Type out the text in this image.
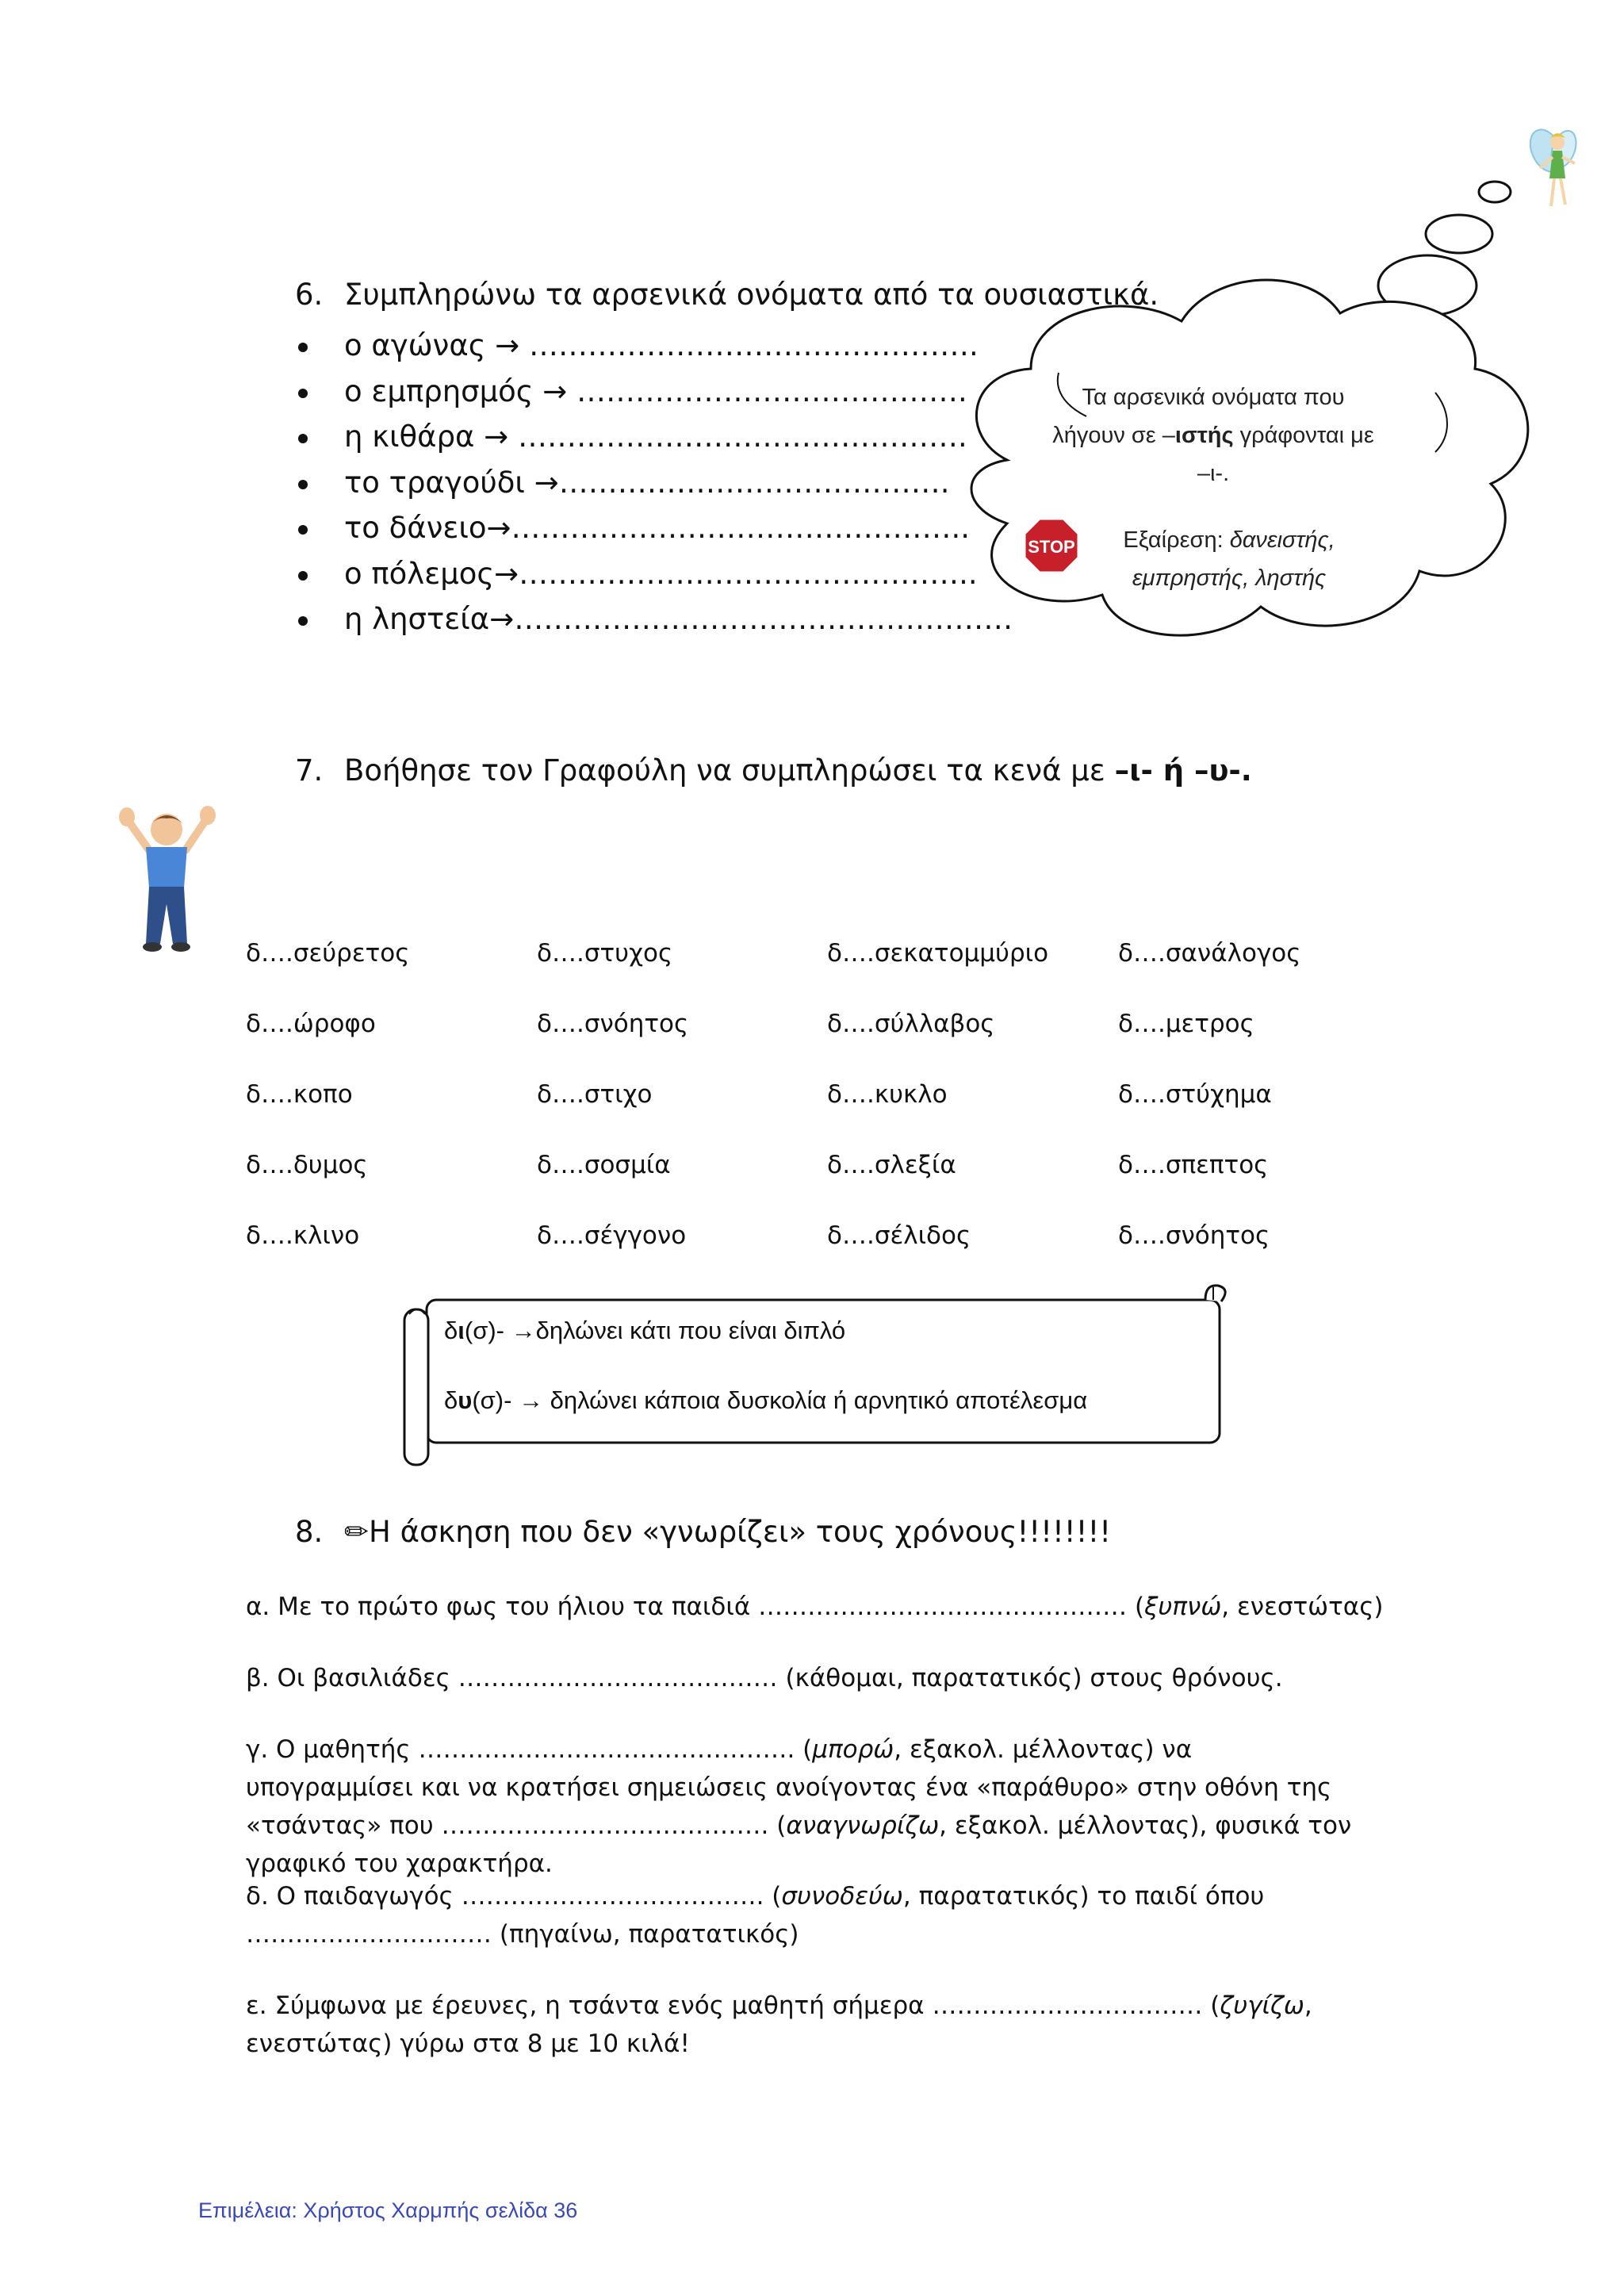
6. Συμπληρώνω τα αρσενικά ονόματα από τα ουσιαστικά.
ο αγώνας → ……………………………………….
ο εμπρησμός → ………………………………….
η κιθάρα → ……………………………………….
το τραγούδι →………………………………….
το δάνειο→………………………………………..
ο πόλεμος→………………………………………..
η ληστεία→……………………………………………
Τα αρσενικά ονόματα που
λήγουν σε –ιστής γράφονται με
–ι-.
STOP	Εξαίρεση: δανειστής,
εμπρηστής, ληστής
7. Βοήθησε τον Γραφούλη να συμπληρώσει τα κενά με –ι- ή –υ-.
δ….σεύρετος	δ….στυχος	δ….σεκατομμύριο	δ….σανάλογος
δ….ώροφο	δ….σνόητος	δ….σύλλαβος	δ….μετρος
δ….κοπο	δ….στιχο	δ….κυκλο	δ….στύχημα
δ….δυμος	δ….σοσμία	δ….σλεξία	δ….σπεπτος
δ….κλινο	δ….σέγγονο	δ….σέλιδος	δ….σνόητος
δι(σ)- →δηλώνει κάτι που είναι διπλό
δυ(σ)- → δηλώνει κάποια δυσκολία ή αρνητικό αποτέλεσμα
8. ✏Η άσκηση που δεν «γνωρίζει» τους χρόνους!!!!!!!!
α. Με το πρώτο φως του ήλιου τα παιδιά ……………………………………… (ξυπνώ, ενεστώτας)
β. Οι βασιλιάδες ………………………………… (κάθομαι, παρατατικός) στους θρόνους.
γ. Ο μαθητής ………………………………………. (μπορώ, εξακολ. μέλλοντας) να υπογραμμίσει και να κρατήσει σημειώσεις ανοίγοντας ένα «παράθυρο» στην οθόνη της «τσάντας» που …………………………………. (αναγνωρίζω, εξακολ. μέλλοντας), φυσικά τον γραφικό του χαρακτήρα.
δ. Ο παιδαγωγός ………………………………. (συνοδεύω, παρατατικός) το παιδί όπου ………………………… (πηγαίνω, παρατατικός)
ε. Σύμφωνα με έρευνες, η τσάντα ενός μαθητή σήμερα …………………………… (ζυγίζω, ενεστώτας) γύρω στα 8 με 10 κιλά!
Επιμέλεια: Χρήστος Χαρμπής σελίδα 36
